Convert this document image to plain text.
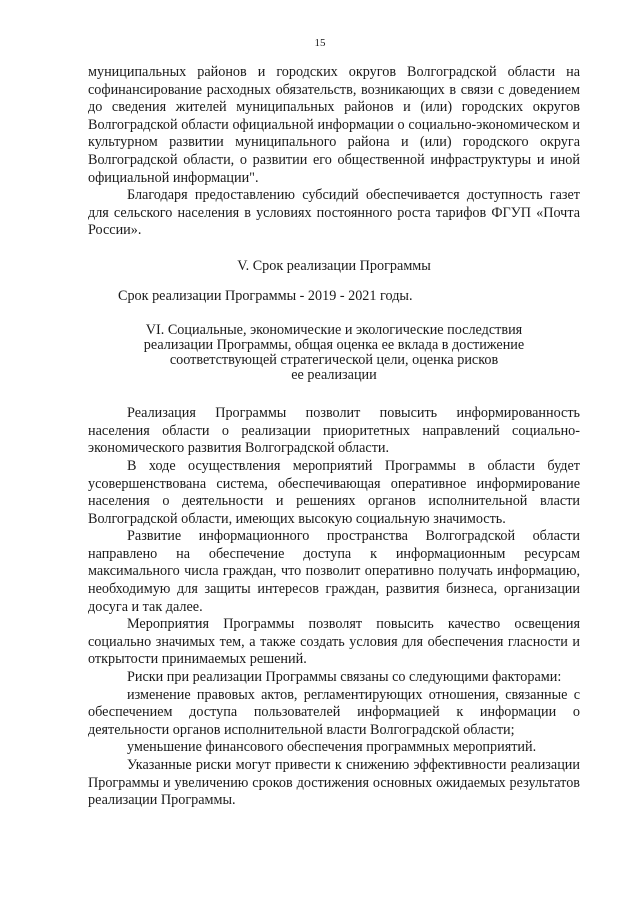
15

муниципальных районов и городских округов Волгоградской области на софинансирование расходных обязательств, возникающих в связи с доведением до сведения жителей муниципальных районов и (или) городских округов Волгоградской области официальной информации о социально-экономическом и культурном развитии муниципального района и (или) городского округа Волгоградской области, о развитии его общественной инфраструктуры и иной официальной информации".

Благодаря предоставлению субсидий обеспечивается доступность газет для сельского населения в условиях постоянного роста тарифов ФГУП «Почта России».

V. Срок реализации Программы

Срок реализации Программы - 2019 - 2021 годы.

VI. Социальные, экономические и экологические последствия

реализации Программы, общая оценка ее вклада в достижение

соответствующей стратегической цели, оценка рисков

ее реализации

Реализация Программы позволит повысить информированность населения области о реализации приоритетных направлений социально-экономического развития Волгоградской области.

В ходе осуществления мероприятий Программы в области будет усовершенствована система, обеспечивающая оперативное информирование населения о деятельности и решениях органов исполнительной власти Волгоградской области, имеющих высокую социальную значимость.

Развитие информационного пространства Волгоградской области направлено на обеспечение доступа к информационным ресурсам максимального числа граждан, что позволит оперативно получать информацию, необходимую для защиты интересов граждан, развития бизнеса, организации досуга и так далее.

Мероприятия Программы позволят повысить качество освещения социально значимых тем, а также создать условия для обеспечения гласности и открытости принимаемых решений.

Риски при реализации Программы связаны со следующими факторами:

изменение правовых актов, регламентирующих отношения, связанные с обеспечением доступа пользователей информацией к информации о деятельности органов исполнительной власти Волгоградской области;

уменьшение финансового обеспечения программных мероприятий.

Указанные риски могут привести к снижению эффективности реализации Программы и увеличению сроков достижения основных ожидаемых результатов реализации Программы.
